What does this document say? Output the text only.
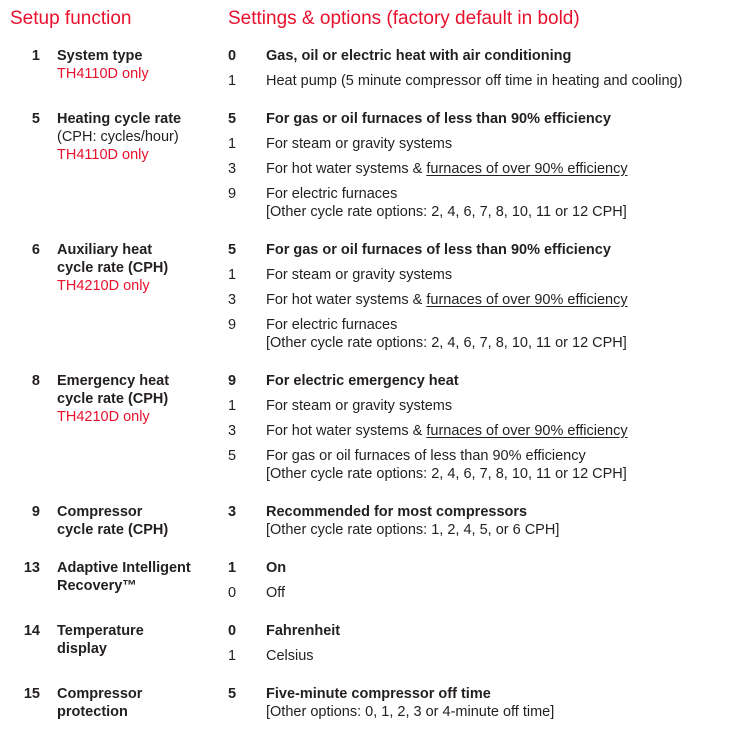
Setup function	Settings & options (factory default in bold)
1	System type
TH4110D only
0	Gas, oil or electric heat with air conditioning
1	Heat pump (5 minute compressor off time in heating and cooling)
5	Heating cycle rate
(CPH: cycles/hour)
TH4110D only
5	For gas or oil furnaces of less than 90% efficiency
1	For steam or gravity systems
3	For hot water systems & furnaces of over 90% efficiency
9	For electric furnaces
[Other cycle rate options: 2, 4, 6, 7, 8, 10, 11 or 12 CPH]
6	Auxiliary heat
cycle rate (CPH)
TH4210D only
5	For gas or oil furnaces of less than 90% efficiency
1	For steam or gravity systems
3	For hot water systems & furnaces of over 90% efficiency
9	For electric furnaces
[Other cycle rate options: 2, 4, 6, 7, 8, 10, 11 or 12 CPH]
8	Emergency heat
cycle rate (CPH)
TH4210D only
9	For electric emergency heat
1	For steam or gravity systems
3	For hot water systems & furnaces of over 90% efficiency
5	For gas or oil furnaces of less than 90% efficiency
[Other cycle rate options: 2, 4, 6, 7, 8, 10, 11 or 12 CPH]
9	Compressor
cycle rate (CPH)
3	Recommended for most compressors
[Other cycle rate options: 1, 2, 4, 5, or 6 CPH]
13	Adaptive Intelligent
Recovery™
1	On
0	Off
14	Temperature
display
0	Fahrenheit
1	Celsius
15	Compressor
protection
5	Five-minute compressor off time
[Other options: 0, 1, 2, 3 or 4-minute off time]
